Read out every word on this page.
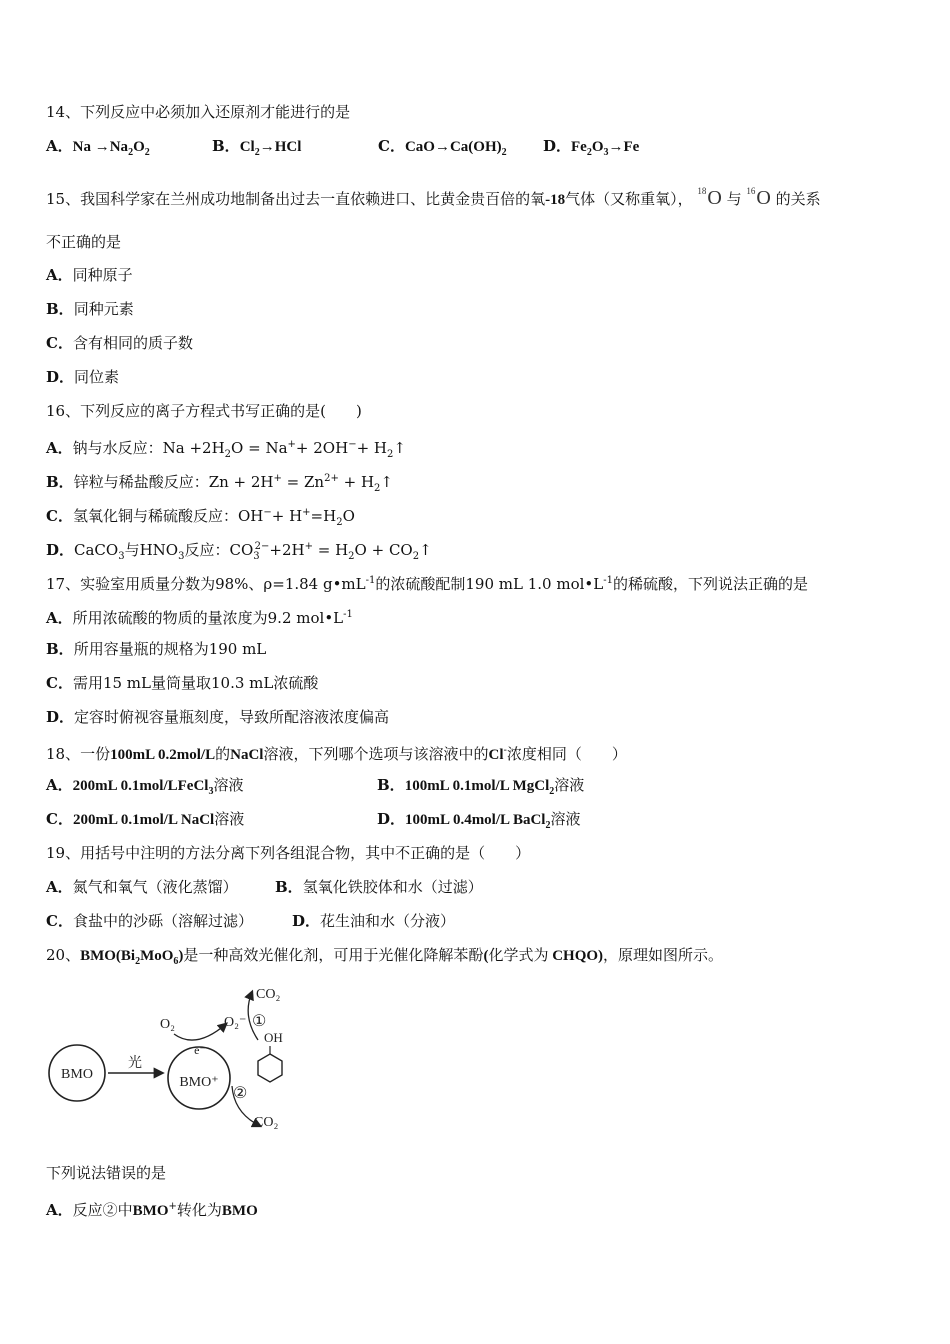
14、下列反应中必须加入还原剂才能进行的是
A．$Na \to Na_2O_2$	B．$Cl_2\to HCl$	C．$CaO\to Ca(OH)_2$ D．$Fe_2O_3\to Fe$
15、我国科学家在兰州成功地制备出过去一直依赖进口、比黄金贵百倍的氧-18气体（又称重氧）， $^{18}$O 与 $^{16}$O 的关系
不正确的是
A．同种原子
B．同种元素
C．含有相同的质子数
D．同位素
16、下列反应的离子方程式书写正确的是(　　)
A．钠与水反应：$Na +2H_2O = Na^++ 2OH^-+$ $H_2↑$
B．锌粒与稀盐酸反应：$Zn + 2H^+ = Zn^{2+}$ + $H_2↑$
C．氢氧化铜与稀硫酸反应：$OH^-+ H^+=H_2O$
D．CaCO$_3$与$HNO_3$反应：$CO_3^{2-}+2H^+ = H_2O$ + $CO_2↑$
17、实验室用质量分数为98%、ρ=1.84 $g•mL^{-1}$的浓硫酸配制190 mL 1.0 $mol•L^{-1}$的稀硫酸，下列说法正确的是
A．所用浓硫酸的物质的量浓度为9.2 $mol•L^{-1}$
B．所用容量瓶的规格为190 mL
C．需用15 mL量筒量取10.3 mL浓硫酸
D．定容时俯视容量瓶刻度，导致所配溶液浓度偏高
18、一份100mL 0.2mol/L的NaCl溶液，下列哪个选项与该溶液中的Cl-浓度相同（　　）
A．200mL 0.1mol/LFeCl$_3$溶液	B．100mL 0.1mol/L MgCl$_2$溶液
C．200mL 0.1mol/L NaCl溶液	D．100mL 0.4mol/L BaCl$_2$溶液
19、用括号中注明的方法分离下列各组混合物，其中不正确的是（　　）
A．氮气和氧气（液化蒸馏） B．氢氧化铁胶体和水（过滤）
C．食盐中的沙砾（溶解过滤）	D．花生油和水（分液）
20、$BMO(Bi_2MoO_6)$是一种高效光催化剂，可用于光催化降解苯酚(化学式为 CHQO)，原理如图所示。
BMO
光
e⁻
BMO⁺
O₂	O₂⁻
CO₂
①
OH
②
CO₂
下列说法错误的是
A．反应②中BMO+转化为BMO
